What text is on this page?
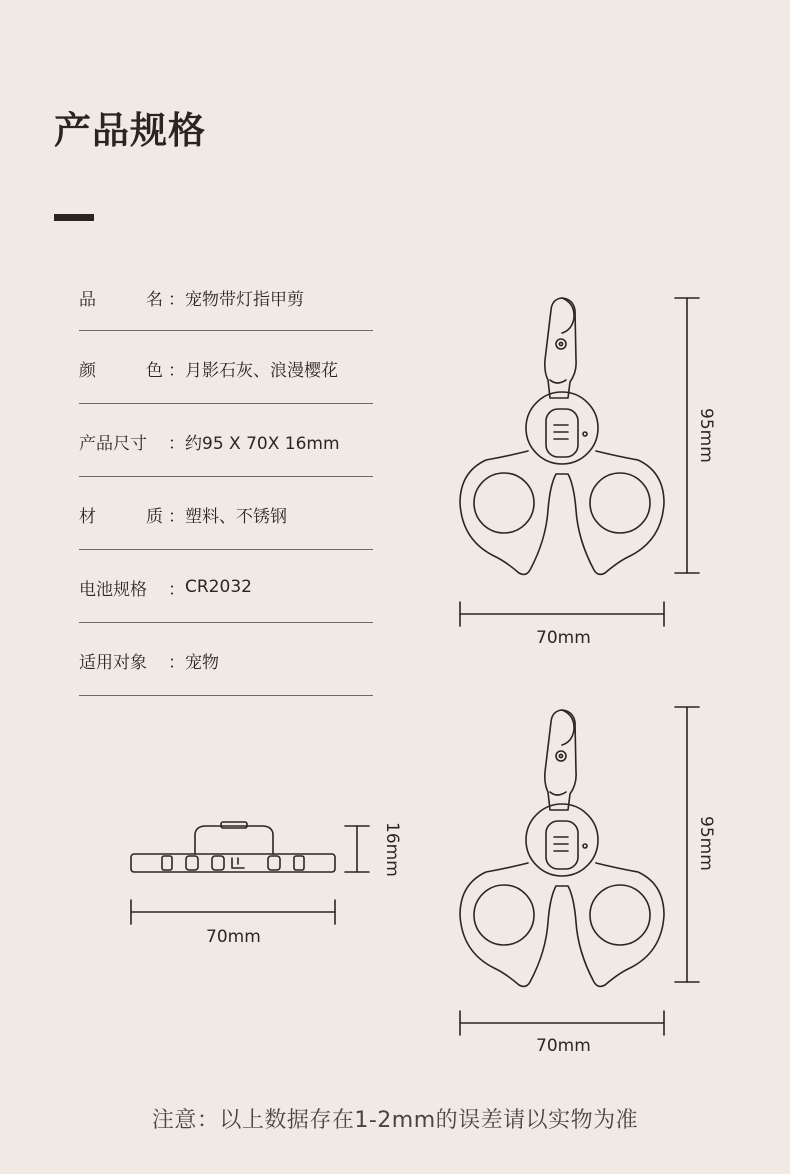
产品规格
品	名 ： 宠物带灯指甲剪
颜	色 ： 月影石灰、浪漫樱花
产品尺寸 ： 约95 X 70X 16mm
材	质 ： 塑料、不锈钢
电池规格 ： CR2032
适用对象 ： 宠物
95mm
70mm
16mm
70mm
95mm
70mm
注意：以上数据存在1-2mm的误差请以实物为准
